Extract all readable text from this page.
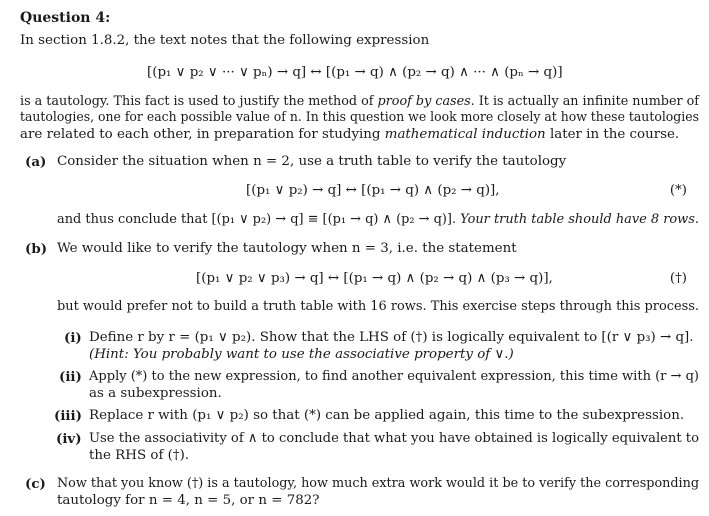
Question 4:
In section 1.8.2, the text notes that the following expression
[(p₁ ∨ p₂ ∨ ··· ∨ pₙ) → q] ↔ [(p₁ → q) ∧ (p₂ → q) ∧ ··· ∧ (pₙ → q)]
is a tautology. This fact is used to justify the method of proof by cases. It is actually an infinite number of
tautologies, one for each possible value of n. In this question we look more closely at how these tautologies
are related to each other, in preparation for studying mathematical induction later in the course.
(a) Consider the situation when n = 2, use a truth table to verify the tautology
[(p₁ ∨ p₂) → q] ↔ [(p₁ → q) ∧ (p₂ → q)],	(*)
and thus conclude that [(p₁ ∨ p₂) → q] ≡ [(p₁ → q) ∧ (p₂ → q)]. Your truth table should have 8 rows.
(b) We would like to verify the tautology when n = 3, i.e. the statement
[(p₁ ∨ p₂ ∨ p₃) → q] ↔ [(p₁ → q) ∧ (p₂ → q) ∧ (p₃ → q)],	(†)
but would prefer not to build a truth table with 16 rows. This exercise steps through this process.
(i) Define r by r = (p₁ ∨ p₂). Show that the LHS of (†) is logically equivalent to [(r ∨ p₃) → q].
(Hint: You probably want to use the associative property of ∨.)
(ii) Apply (*) to the new expression, to find another equivalent expression, this time with (r → q)
as a subexpression.
(iii) Replace r with (p₁ ∨ p₂) so that (*) can be applied again, this time to the subexpression.
(iv) Use the associativity of ∧ to conclude that what you have obtained is logically equivalent to
the RHS of (†).
(c) Now that you know (†) is a tautology, how much extra work would it be to verify the corresponding
tautology for n = 4, n = 5, or n = 782?
